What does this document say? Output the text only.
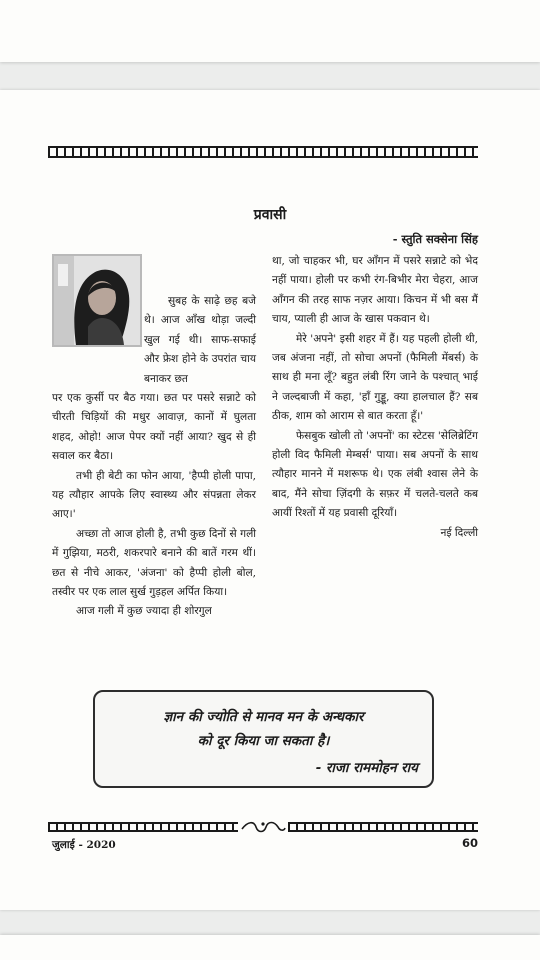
प्रवासी
- स्तुति सक्सेना सिंह

सुबह के साढ़े छह बजे थे। आज आँख थोड़ा जल्दी खुल गई थी। साफ-सफाई और फ्रेश होने के उपरांत चाय बनाकर छत

पर एक कुर्सी पर बैठ गया। छत पर पसरे सन्नाटे को चीरती चिड़ियों की मधुर आवाज़, कानों में घुलता शहद, ओहो! आज पेपर क्यों नहीं आया? खुद से ही सवाल कर बैठा।

तभी ही बेटी का फोन आया, 'हैप्पी होली पापा, यह त्यौहार आपके लिए स्वास्थ्य और संपन्नता लेकर आए।'

अच्छा तो आज होली है, तभी कुछ दिनों से गली में गुझिया, मठरी, शकरपारे बनाने की बातें गरम थीं। छत से नीचे आकर, 'अंजना' को हैप्पी होली बोल, तस्वीर पर एक लाल सुर्ख गुड़हल अर्पित किया।

आज गली में कुछ ज्यादा ही शोरगुल

था, जो चाहकर भी, घर आँगन में पसरे सन्नाटे को भेद नहीं पाया। होली पर कभी रंग-बिभीर मेरा चेहरा, आज आँगन की तरह साफ नज़र आया। किचन में भी बस मैं चाय, प्याली ही आज के खास पकवान थे।

मेरे 'अपने' इसी शहर में हैं। यह पहली होली थी, जब अंजना नहीं, तो सोचा अपनों (फैमिली मेंबर्स) के साथ ही मना लूँ? बहुत लंबी रिंग जाने के पश्चात् भाई ने जल्दबाजी में कहा, 'हाँ गुड्डू, क्या हालचाल हैं? सब ठीक, शाम को आराम से बात करता हूँ।'

फेसबुक खोली तो 'अपनों' का स्टेटस 'सेलिब्रेटिंग होली विद फैमिली मेम्बर्स' पाया। सब अपनों के साथ त्यौहार मानने में मशरूफ थे। एक लंबी श्वास लेने के बाद, मैंने सोचा ज़िंदगी के सफ़र में चलते-चलते कब आयीं रिश्तों में यह प्रवासी दूरियाँ।

नई दिल्ली

ज्ञान की ज्योति से मानव मन के अन्धकार
को दूर किया जा सकता है।
- राजा राममोहन राय
जुलाई - 2020	60
